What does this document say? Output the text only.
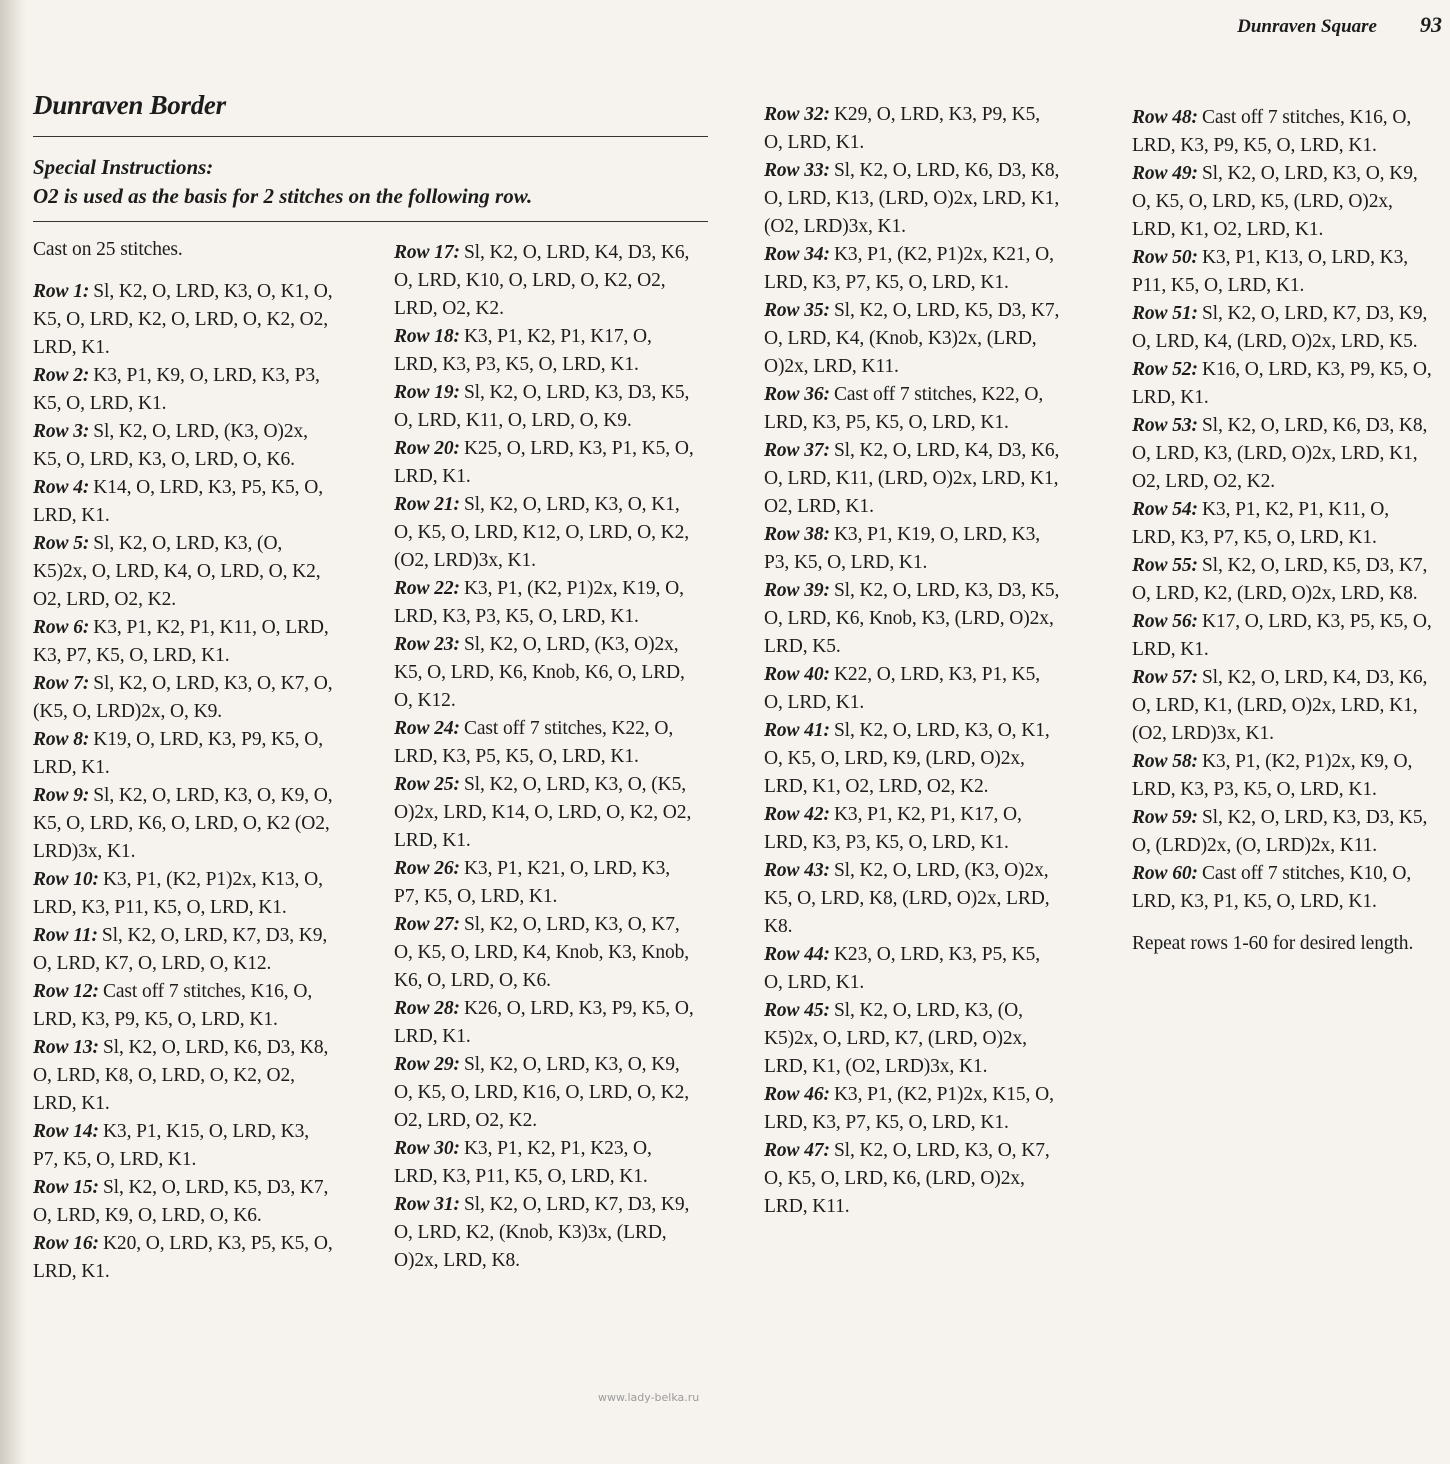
Dunraven Square 93
Dunraven Border
Special Instructions:
O2 is used as the basis for 2 stitches on the following row.

Cast on 25 stitches.

Row 1: Sl, K2, O, LRD, K3, O, K1, O, K5, O, LRD, K2, O, LRD, O, K2, O2, LRD, K1.

Row 2: K3, P1, K9, O, LRD, K3, P3, K5, O, LRD, K1.

Row 3: Sl, K2, O, LRD, (K3, O)2x, K5, O, LRD, K3, O, LRD, O, K6.

Row 4: K14, O, LRD, K3, P5, K5, O, LRD, K1.

Row 5: Sl, K2, O, LRD, K3, (O, K5)2x, O, LRD, K4, O, LRD, O, K2, O2, LRD, O2, K2.

Row 6: K3, P1, K2, P1, K11, O, LRD, K3, P7, K5, O, LRD, K1.

Row 7: Sl, K2, O, LRD, K3, O, K7, O, (K5, O, LRD)2x, O, K9.

Row 8: K19, O, LRD, K3, P9, K5, O, LRD, K1.

Row 9: Sl, K2, O, LRD, K3, O, K9, O, K5, O, LRD, K6, O, LRD, O, K2 (O2, LRD)3x, K1.

Row 10: K3, P1, (K2, P1)2x, K13, O, LRD, K3, P11, K5, O, LRD, K1.

Row 11: Sl, K2, O, LRD, K7, D3, K9, O, LRD, K7, O, LRD, O, K12.

Row 12: Cast off 7 stitches, K16, O, LRD, K3, P9, K5, O, LRD, K1.

Row 13: Sl, K2, O, LRD, K6, D3, K8, O, LRD, K8, O, LRD, O, K2, O2, LRD, K1.

Row 14: K3, P1, K15, O, LRD, K3, P7, K5, O, LRD, K1.

Row 15: Sl, K2, O, LRD, K5, D3, K7, O, LRD, K9, O, LRD, O, K6.

Row 16: K20, O, LRD, K3, P5, K5, O, LRD, K1.

Row 17: Sl, K2, O, LRD, K4, D3, K6, O, LRD, K10, O, LRD, O, K2, O2, LRD, O2, K2.

Row 18: K3, P1, K2, P1, K17, O, LRD, K3, P3, K5, O, LRD, K1.

Row 19: Sl, K2, O, LRD, K3, D3, K5, O, LRD, K11, O, LRD, O, K9.

Row 20: K25, O, LRD, K3, P1, K5, O, LRD, K1.

Row 21: Sl, K2, O, LRD, K3, O, K1, O, K5, O, LRD, K12, O, LRD, O, K2, (O2, LRD)3x, K1.

Row 22: K3, P1, (K2, P1)2x, K19, O, LRD, K3, P3, K5, O, LRD, K1.

Row 23: Sl, K2, O, LRD, (K3, O)2x, K5, O, LRD, K6, Knob, K6, O, LRD, O, K12.

Row 24: Cast off 7 stitches, K22, O, LRD, K3, P5, K5, O, LRD, K1.

Row 25: Sl, K2, O, LRD, K3, O, (K5, O)2x, LRD, K14, O, LRD, O, K2, O2, LRD, K1.

Row 26: K3, P1, K21, O, LRD, K3, P7, K5, O, LRD, K1.

Row 27: Sl, K2, O, LRD, K3, O, K7, O, K5, O, LRD, K4, Knob, K3, Knob, K6, O, LRD, O, K6.

Row 28: K26, O, LRD, K3, P9, K5, O, LRD, K1.

Row 29: Sl, K2, O, LRD, K3, O, K9, O, K5, O, LRD, K16, O, LRD, O, K2, O2, LRD, O2, K2.

Row 30: K3, P1, K2, P1, K23, O, LRD, K3, P11, K5, O, LRD, K1.

Row 31: Sl, K2, O, LRD, K7, D3, K9, O, LRD, K2, (Knob, K3)3x, (LRD, O)2x, LRD, K8.

Row 32: K29, O, LRD, K3, P9, K5, O, LRD, K1.

Row 33: Sl, K2, O, LRD, K6, D3, K8, O, LRD, K13, (LRD, O)2x, LRD, K1, (O2, LRD)3x, K1.

Row 34: K3, P1, (K2, P1)2x, K21, O, LRD, K3, P7, K5, O, LRD, K1.

Row 35: Sl, K2, O, LRD, K5, D3, K7, O, LRD, K4, (Knob, K3)2x, (LRD, O)2x, LRD, K11.

Row 36: Cast off 7 stitches, K22, O, LRD, K3, P5, K5, O, LRD, K1.

Row 37: Sl, K2, O, LRD, K4, D3, K6, O, LRD, K11, (LRD, O)2x, LRD, K1, O2, LRD, K1.

Row 38: K3, P1, K19, O, LRD, K3, P3, K5, O, LRD, K1.

Row 39: Sl, K2, O, LRD, K3, D3, K5, O, LRD, K6, Knob, K3, (LRD, O)2x, LRD, K5.

Row 40: K22, O, LRD, K3, P1, K5, O, LRD, K1.

Row 41: Sl, K2, O, LRD, K3, O, K1, O, K5, O, LRD, K9, (LRD, O)2x, LRD, K1, O2, LRD, O2, K2.

Row 42: K3, P1, K2, P1, K17, O, LRD, K3, P3, K5, O, LRD, K1.

Row 43: Sl, K2, O, LRD, (K3, O)2x, K5, O, LRD, K8, (LRD, O)2x, LRD, K8.

Row 44: K23, O, LRD, K3, P5, K5, O, LRD, K1.

Row 45: Sl, K2, O, LRD, K3, (O, K5)2x, O, LRD, K7, (LRD, O)2x, LRD, K1, (O2, LRD)3x, K1.

Row 46: K3, P1, (K2, P1)2x, K15, O, LRD, K3, P7, K5, O, LRD, K1.

Row 47: Sl, K2, O, LRD, K3, O, K7, O, K5, O, LRD, K6, (LRD, O)2x, LRD, K11.

Row 48: Cast off 7 stitches, K16, O, LRD, K3, P9, K5, O, LRD, K1.

Row 49: Sl, K2, O, LRD, K3, O, K9, O, K5, O, LRD, K5, (LRD, O)2x, LRD, K1, O2, LRD, K1.

Row 50: K3, P1, K13, O, LRD, K3, P11, K5, O, LRD, K1.

Row 51: Sl, K2, O, LRD, K7, D3, K9, O, LRD, K4, (LRD, O)2x, LRD, K5.

Row 52: K16, O, LRD, K3, P9, K5, O, LRD, K1.

Row 53: Sl, K2, O, LRD, K6, D3, K8, O, LRD, K3, (LRD, O)2x, LRD, K1, O2, LRD, O2, K2.

Row 54: K3, P1, K2, P1, K11, O, LRD, K3, P7, K5, O, LRD, K1.

Row 55: Sl, K2, O, LRD, K5, D3, K7, O, LRD, K2, (LRD, O)2x, LRD, K8.

Row 56: K17, O, LRD, K3, P5, K5, O, LRD, K1.

Row 57: Sl, K2, O, LRD, K4, D3, K6, O, LRD, K1, (LRD, O)2x, LRD, K1, (O2, LRD)3x, K1.

Row 58: K3, P1, (K2, P1)2x, K9, O, LRD, K3, P3, K5, O, LRD, K1.

Row 59: Sl, K2, O, LRD, K3, D3, K5, O, (LRD)2x, (O, LRD)2x, K11.

Row 60: Cast off 7 stitches, K10, O, LRD, K3, P1, K5, O, LRD, K1.

Repeat rows 1-60 for desired length.

www.lady-belka.ru
